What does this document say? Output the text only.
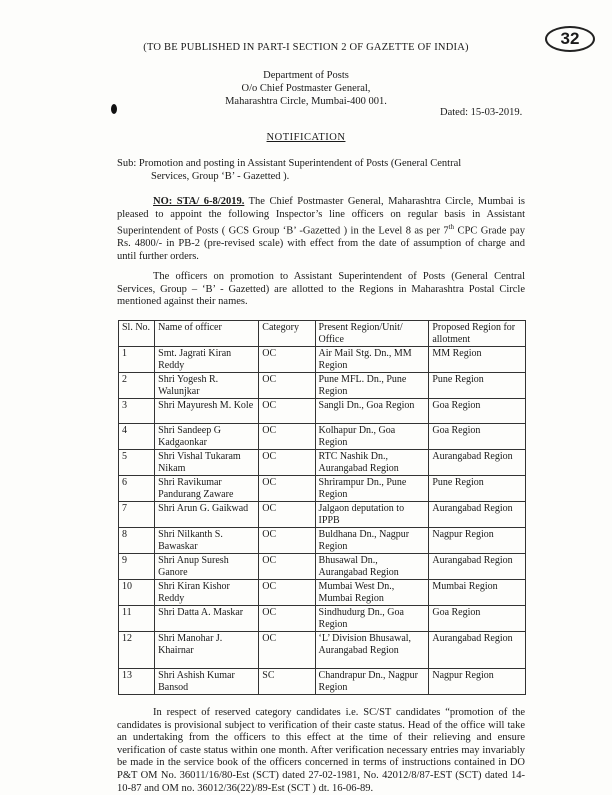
32
(TO BE PUBLISHED IN PART-I SECTION 2 OF GAZETTE OF INDIA)
Department of Posts
O/o Chief Postmaster General,
Maharashtra Circle, Mumbai-400 001.
Dated: 15-03-2019.
NOTIFICATION
Sub: Promotion and posting in Assistant Superintendent of Posts (General Central
Services, Group ‘B’ - Gazetted ).
NO: STA/ 6-8/2019. The Chief Postmaster General, Maharashtra Circle, Mumbai is pleased to appoint the following Inspector’s line officers on regular basis in Assistant Superintendent of Posts ( GCS Group ‘B’ -Gazetted ) in the Level 8 as per 7th CPC Grade pay Rs. 4800/- in PB-2 (pre-revised scale) with effect from the date of assumption of charge and until further orders.
The officers on promotion to Assistant Superintendent of Posts (General Central Services, Group – ‘B’ - Gazetted) are allotted to the Regions in Maharashtra Postal Circle mentioned against their names.
Sl. No.	Name of officer	Category	Present Region/Unit/ Office	Proposed Region for allotment
1	Smt. Jagrati Kiran Reddy	OC	Air Mail Stg. Dn., MM Region	MM Region
2	Shri Yogesh R. Walunjkar	OC	Pune MFL. Dn., Pune Region	Pune Region
3	Shri Mayuresh M. Kole	OC	Sangli Dn., Goa Region	Goa Region
4	Shri Sandeep G Kadgaonkar	OC	Kolhapur Dn., Goa Region	Goa Region
5	Shri Vishal Tukaram Nikam	OC	RTC Nashik Dn., Aurangabad Region	Aurangabad Region
6	Shri Ravikumar Pandurang Zaware	OC	Shrirampur Dn., Pune Region	Pune Region
7	Shri Arun G. Gaikwad	OC	Jalgaon deputation to IPPB	Aurangabad Region
8	Shri Nilkanth S. Bawaskar	OC	Buldhana Dn., Nagpur Region	Nagpur Region
9	Shri Anup Suresh Ganore	OC	Bhusawal Dn., Aurangabad Region	Aurangabad Region
10	Shri Kiran Kishor Reddy	OC	Mumbai West Dn., Mumbai Region	Mumbai Region
11	Shri Datta A. Maskar	OC	Sindhudurg Dn., Goa Region	Goa Region
12	Shri Manohar J. Khairnar	OC	‘L’ Division Bhusawal, Aurangabad Region	Aurangabad Region
13	Shri Ashish Kumar Bansod	SC	Chandrapur Dn., Nagpur Region	Nagpur Region
In respect of reserved category candidates i.e. SC/ST candidates “promotion of the candidates is provisional subject to verification of their caste status. Head of the office will take an undertaking from the officers to this effect at the time of their relieving and ensure verification of caste status within one month. After verification necessary entries may invariably be made in the service book of the officers concerned in terms of instructions contained in DO P&T OM No. 36011/16/80-Est (SCT) dated 27-02-1981, No. 42012/8/87-EST (SCT) dated 14-10-87 and OM no. 36012/36(22)/89-Est (SCT ) dt. 16-06-89.
